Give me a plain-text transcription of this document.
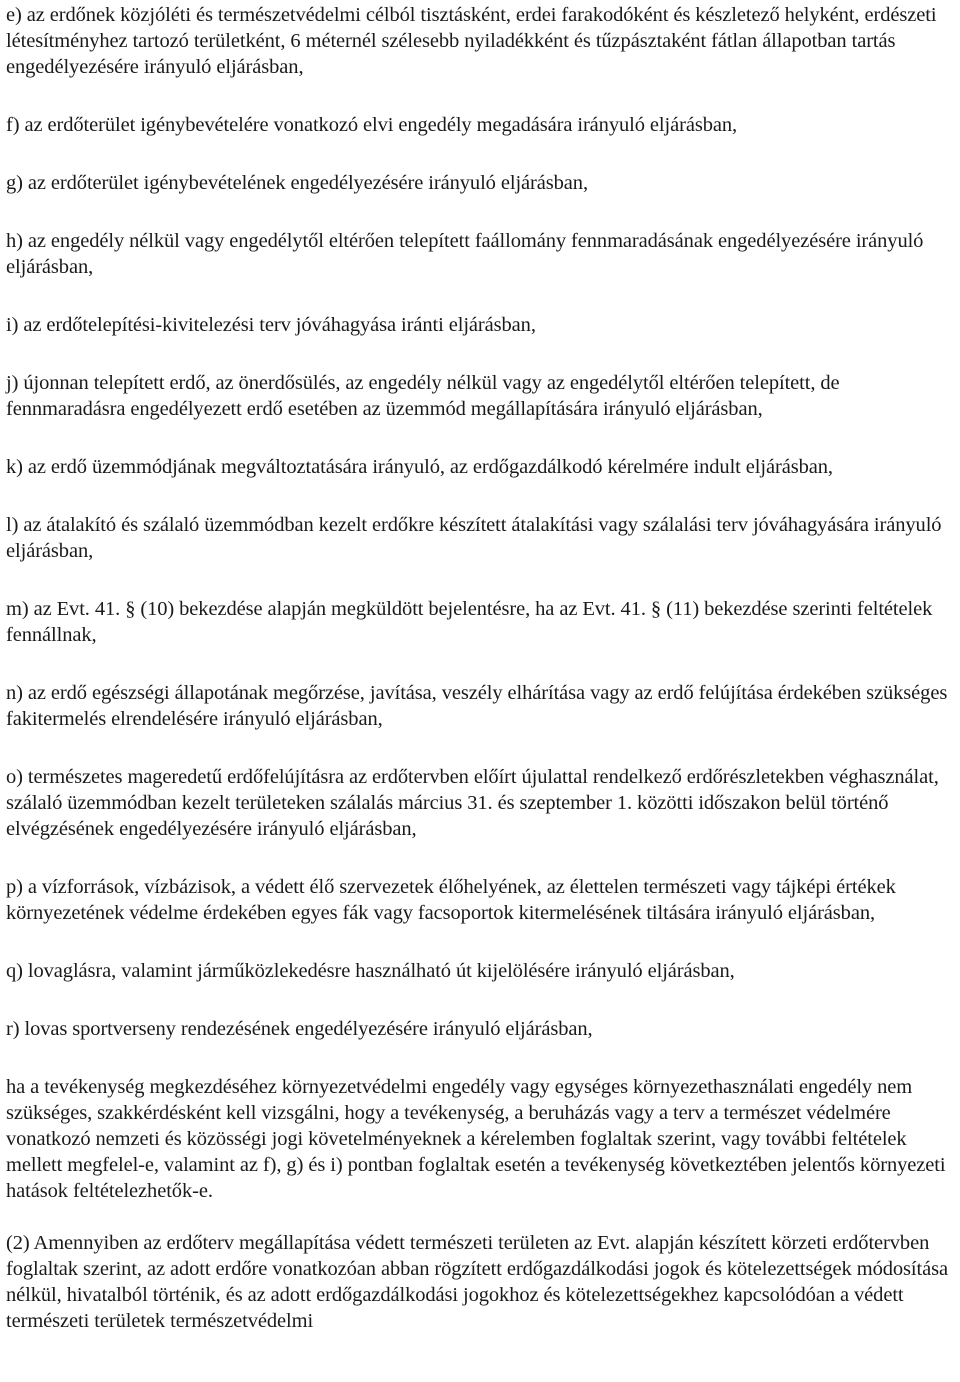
e) az erdőnek közjóléti és természetvédelmi célból tisztásként, erdei farakodóként és készletező helyként, erdészeti létesítményhez tartozó területként, 6 méternél szélesebb nyiladékként és tűzpásztaként fátlan állapotban tartás engedélyezésére irányuló eljárásban,

f) az erdőterület igénybevételére vonatkozó elvi engedély megadására irányuló eljárásban,

g) az erdőterület igénybevételének engedélyezésére irányuló eljárásban,

h) az engedély nélkül vagy engedélytől eltérően telepített faállomány fennmaradásának engedélyezésére irányuló eljárásban,

i) az erdőtelepítési-kivitelezési terv jóváhagyása iránti eljárásban,

j) újonnan telepített erdő, az önerdősülés, az engedély nélkül vagy az engedélytől eltérően telepített, de fennmaradásra engedélyezett erdő esetében az üzemmód megállapítására irányuló eljárásban,

k) az erdő üzemmódjának megváltoztatására irányuló, az erdőgazdálkodó kérelmére indult eljárásban,

l) az átalakító és szálaló üzemmódban kezelt erdőkre készített átalakítási vagy szálalási terv jóváhagyására irányuló eljárásban,

m) az Evt. 41. § (10) bekezdése alapján megküldött bejelentésre, ha az Evt. 41. § (11) bekezdése szerinti feltételek fennállnak,

n) az erdő egészségi állapotának megőrzése, javítása, veszély elhárítása vagy az erdő felújítása érdekében szükséges fakitermelés elrendelésére irányuló eljárásban,

o) természetes mageredetű erdőfelújításra az erdőtervben előírt újulattal rendelkező erdőrészletekben véghasználat, szálaló üzemmódban kezelt területeken szálalás március 31. és szeptember 1. közötti időszakon belül történő elvégzésének engedélyezésére irányuló eljárásban,

p) a vízforrások, vízbázisok, a védett élő szervezetek élőhelyének, az élettelen természeti vagy tájképi értékek környezetének védelme érdekében egyes fák vagy facsoportok kitermelésének tiltására irányuló eljárásban,

q) lovaglásra, valamint járműközlekedésre használható út kijelölésére irányuló eljárásban,

r) lovas sportverseny rendezésének engedélyezésére irányuló eljárásban,

ha a tevékenység megkezdéséhez környezetvédelmi engedély vagy egységes környezethasználati engedély nem szükséges, szakkérdésként kell vizsgálni, hogy a tevékenység, a beruházás vagy a terv a természet védelmére vonatkozó nemzeti és közösségi jogi követelményeknek a kérelemben foglaltak szerint, vagy további feltételek mellett megfelel-e, valamint az f), g) és i) pontban foglaltak esetén a tevékenység következtében jelentős környezeti hatások feltételezhetők-e.

(2) Amennyiben az erdőterv megállapítása védett természeti területen az Evt. alapján készített körzeti erdőtervben foglaltak szerint, az adott erdőre vonatkozóan abban rögzített erdőgazdálkodási jogok és kötelezettségek módosítása nélkül, hivatalból történik, és az adott erdőgazdálkodási jogokhoz és kötelezettségekhez kapcsolódóan a védett természeti területek természetvédelmi
